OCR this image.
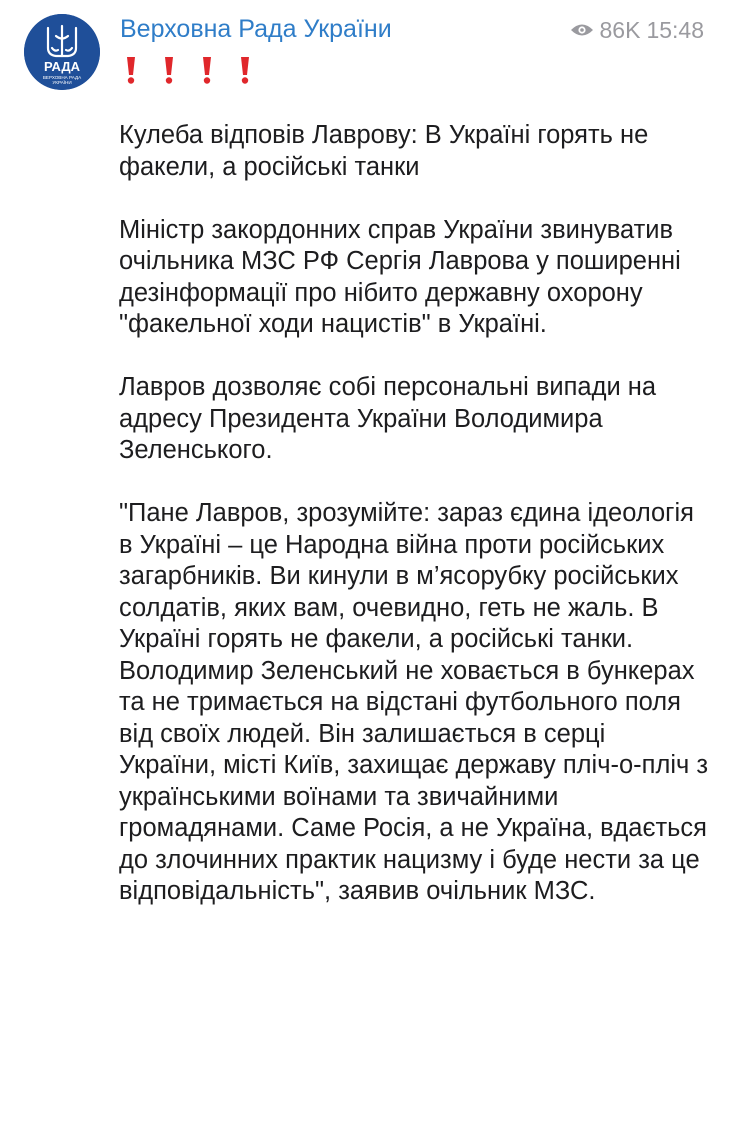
РАДА
ВЕРХОВНА РАДА
УКРАЇНИ
Верховна Рада України	86K 15:48

Кулеба відповів Лаврову: В Україні горять не факели, а російські танки

Міністр закордонних справ України звинуватив очільника МЗС РФ Сергія Лаврова у поширенні дезінформації про нібито державну охорону "факельної ходи нацистів" в Україні.

Лавров дозволяє собі персональні випади на адресу Президента України Володимира Зеленського.

"Пане Лавров, зрозумійте: зараз єдина ідеологія в Україні – це Народна війна проти російських загарбників. Ви кинули в м’ясорубку російських солдатів, яких вам, очевидно, геть не жаль. В Україні горять не факели, а російські танки. Володимир Зеленський не ховається в бункерах та не тримається на відстані футбольного поля від своїх людей. Він залишається в серці України, місті Київ, захищає державу пліч-о-пліч з українськими воїнами та звичайними громадянами. Саме Росія, а не Україна, вдається до злочинних практик нацизму і буде нести за це відповідальність", заявив очільник МЗС.
